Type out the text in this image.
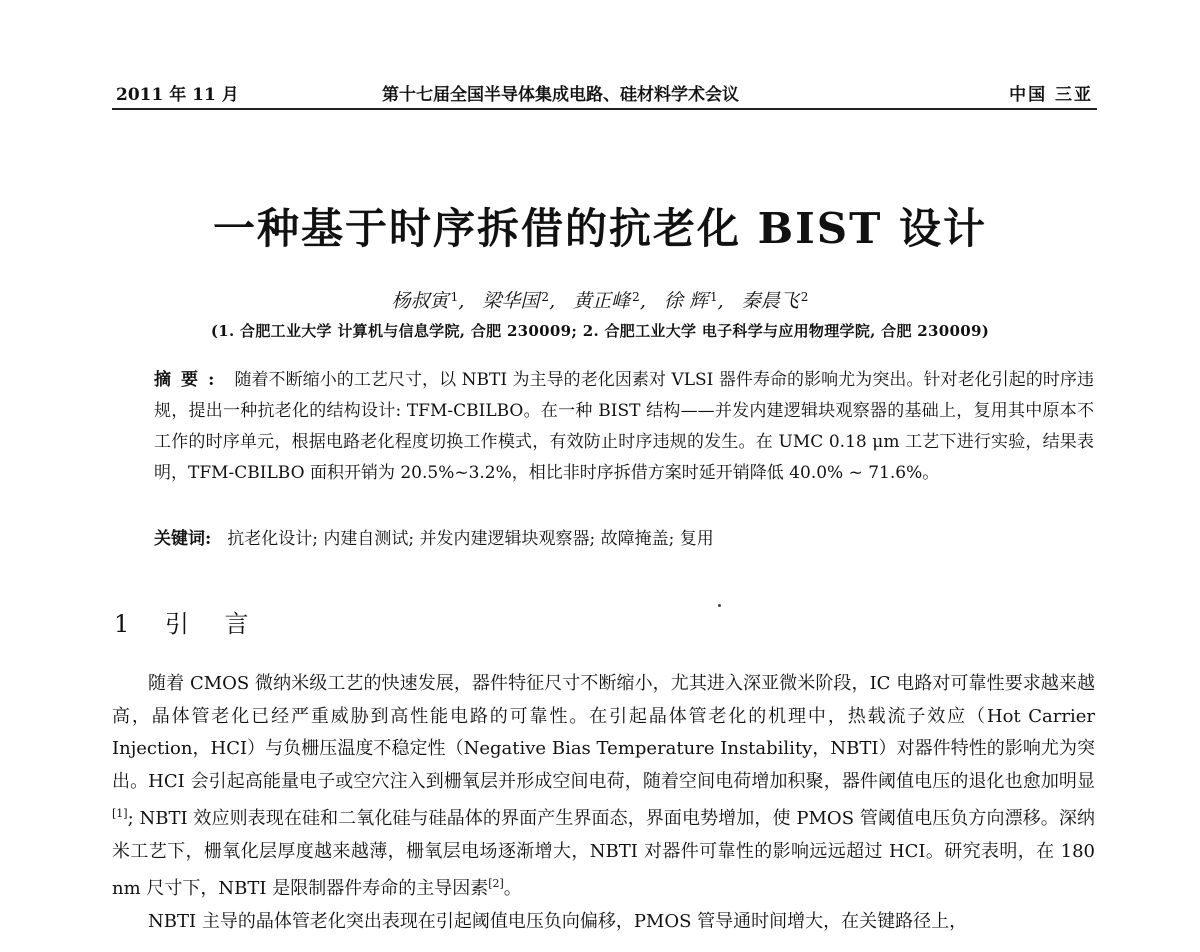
2011 年 11 月	第十七届全国半导体集成电路、硅材料学术会议	中国 三亚
一种基于时序拆借的抗老化 BIST 设计
杨叔寅 $^1$, 梁华国 $^2$, 黄正峰 $^2$, 徐 辉 $^1$, 秦晨飞 $^2$
(1. 合肥工业大学 计算机与信息学院, 合肥 230009; 2. 合肥工业大学 电子科学与应用物理学院, 合肥 230009)
摘要: 随着不断缩小的工艺尺寸，以 NBTI 为主导的老化因素对 VLSI 器件寿命的影响尤为突出。针对老化引起的时序违规，提出一种抗老化的结构设计: TFM-CBILBO。在一种 BIST 结构——并发内建逻辑块观察器的基础上，复用其中原本不工作的时序单元，根据电路老化程度切换工作模式，有效防止时序违规的发生。在 UMC 0.18 μm 工艺下进行实验，结果表明，TFM-CBILBO 面积开销为 20.5%~3.2%，相比非时序拆借方案时延开销降低 40.0% ~ 71.6%。
关键词: 抗老化设计; 内建自测试; 并发内建逻辑块观察器; 故障掩盖; 复用
1 引 言

随着 CMOS 微纳米级工艺的快速发展，器件特征尺寸不断缩小，尤其进入深亚微米阶段，IC 电路对可靠性要求越来越高，晶体管老化已经严重威胁到高性能电路的可靠性。在引起晶体管老化的机理中，热载流子效应（Hot Carrier Injection，HCI）与负栅压温度不稳定性（Negative Bias Temperature Instability，NBTI）对器件特性的影响尤为突出。HCI 会引起高能量电子或空穴注入到栅氧层并形成空间电荷，随着空间电荷增加积聚，器件阈值电压的退化也愈加明显[1]; NBTI 效应则表现在硅和二氧化硅与硅晶体的界面产生界面态，界面电势增加，使 PMOS 管阈值电压负方向漂移。深纳米工艺下，栅氧化层厚度越来越薄，栅氧层电场逐渐增大，NBTI 对器件可靠性的影响远远超过 HCI。研究表明，在 180 nm 尺寸下，NBTI 是限制器件寿命的主导因素[2]。

NBTI 主导的晶体管老化突出表现在引起阈值电压负向偏移，PMOS 管导通时间增大，在关键路径上，
